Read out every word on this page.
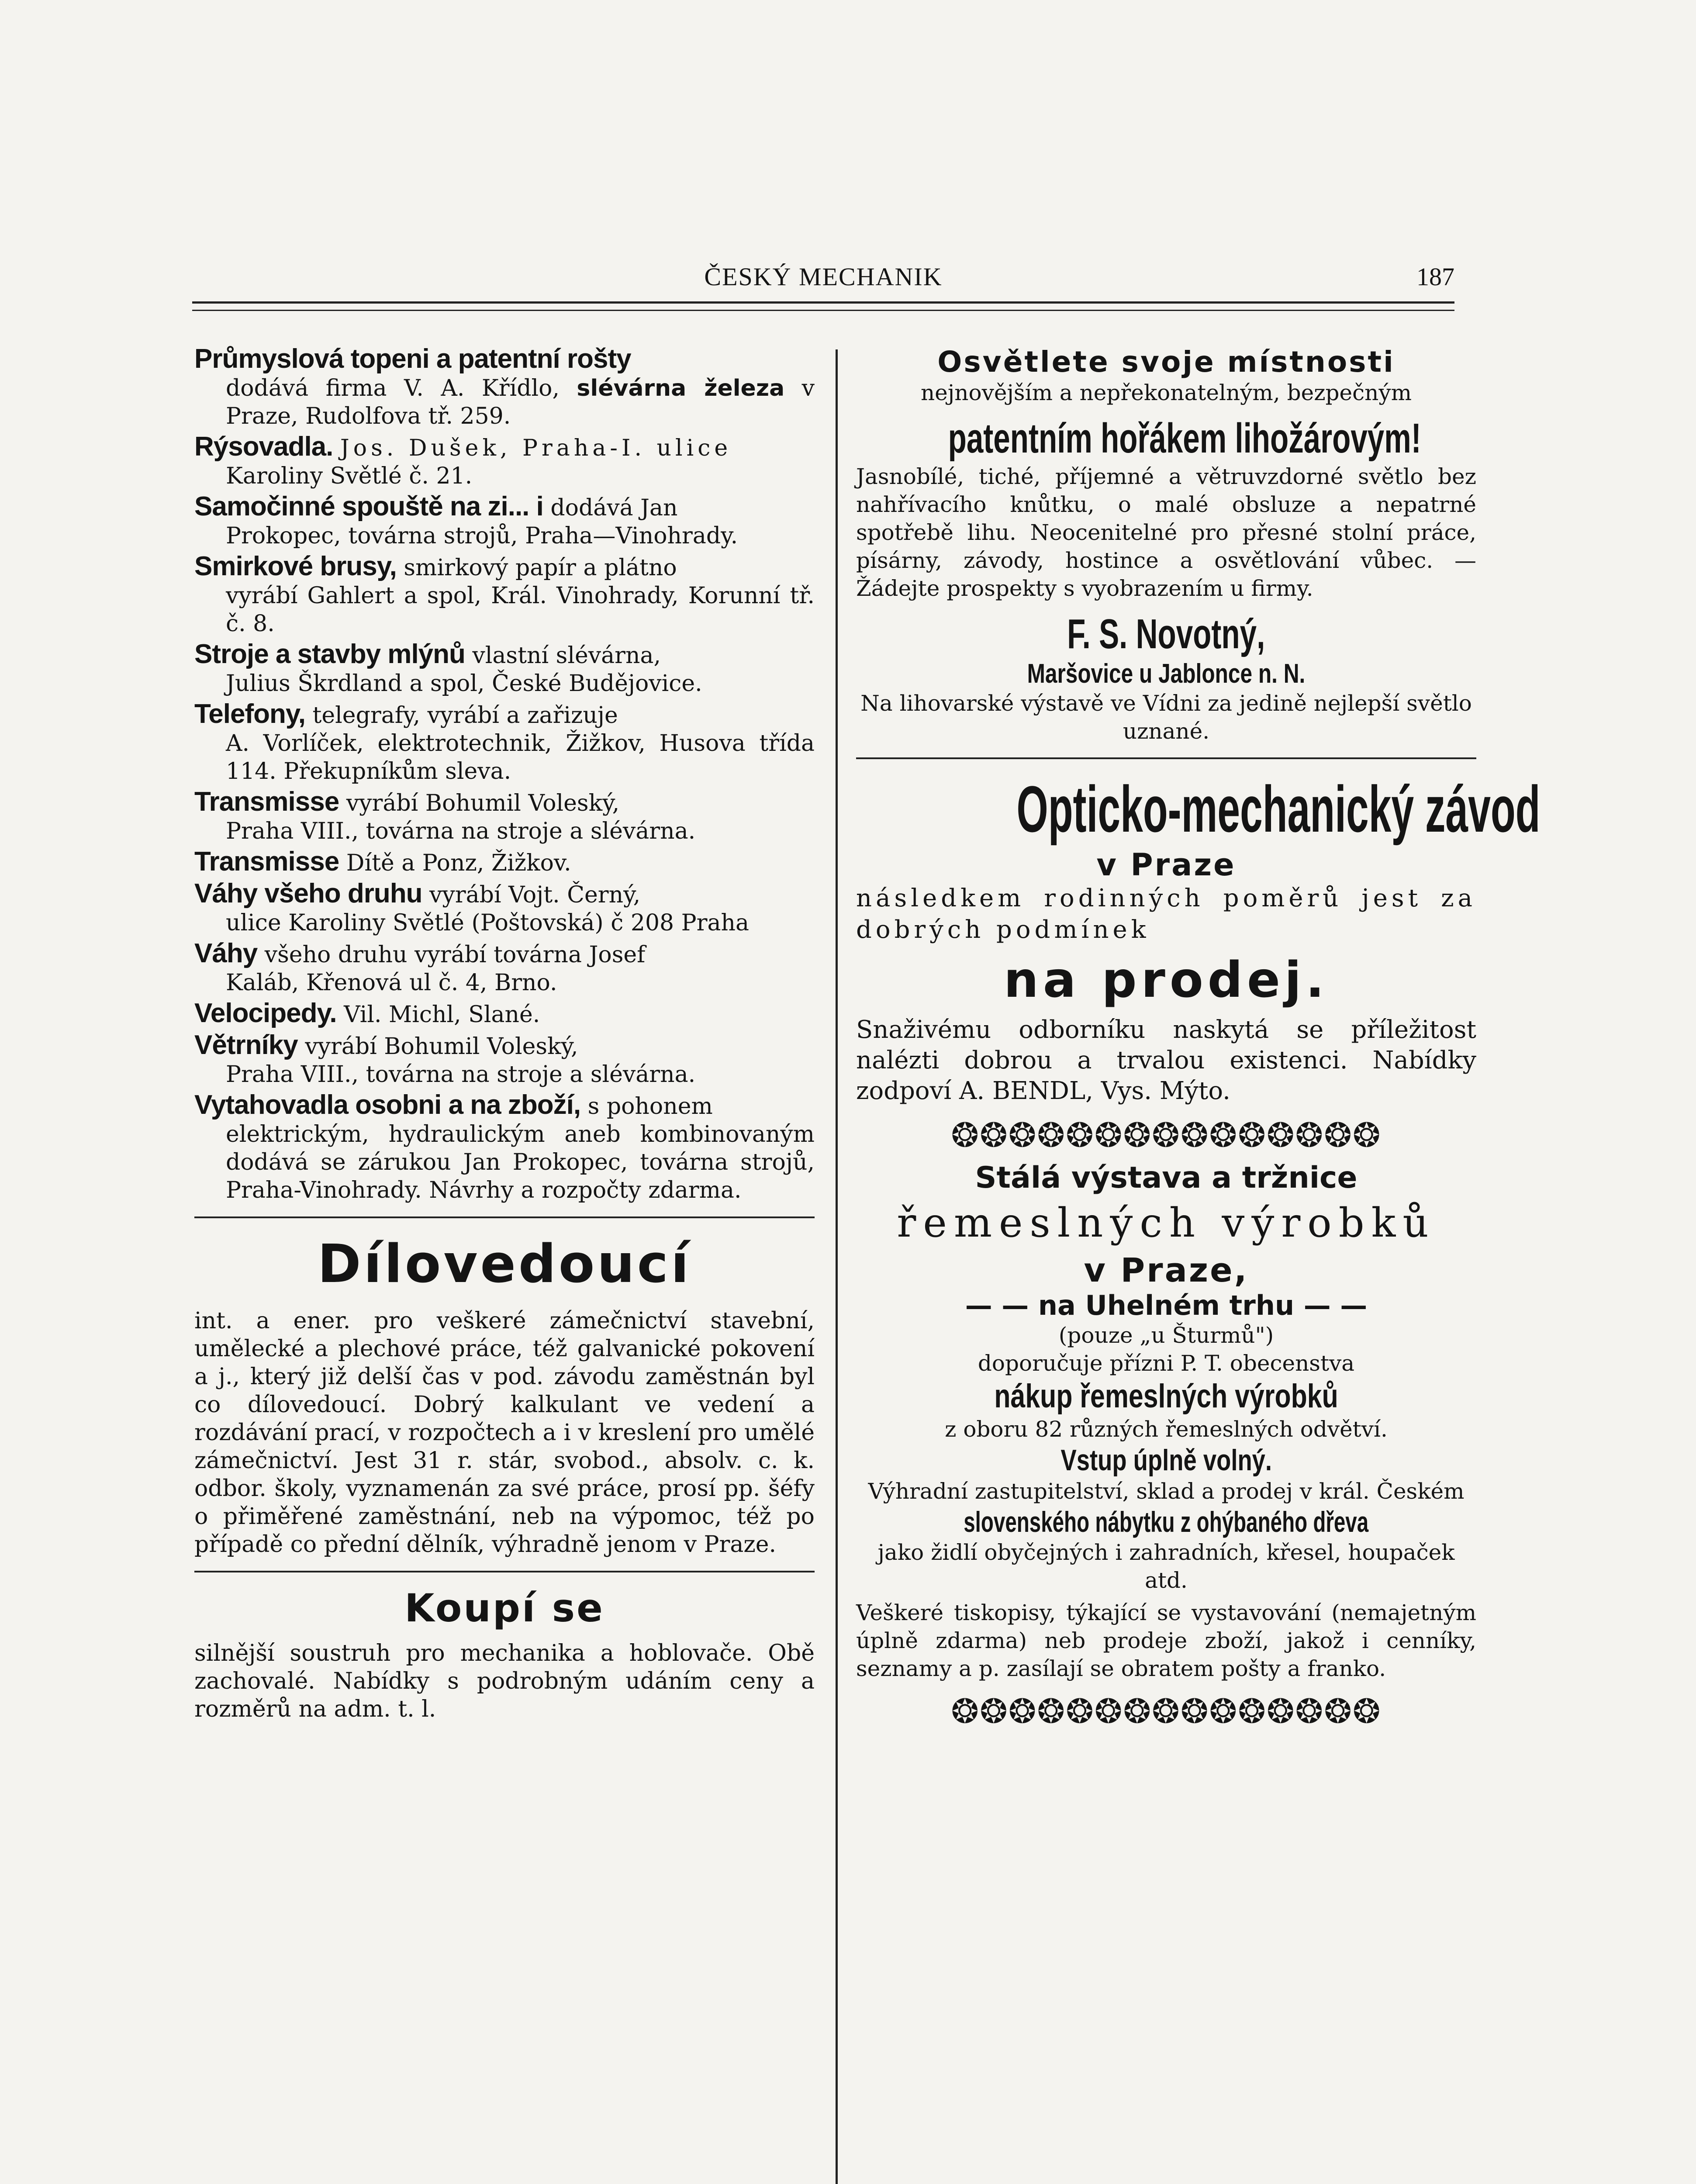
ČESKÝ MECHANIK	187
Průmyslová topeni a patentní rošty
dodává firma V. A. Křídlo, slévárna železa v Praze, Rudolfova tř. 259.
Rýsovadla. Jos. Dušek, Praha-I. ulice
Karoliny Světlé č. 21.
Samočinné spouště na zi... i dodává Jan
Prokopec, továrna strojů, Praha—Vinohrady.
Smirkové brusy, smirkový papír a plátno
vyrábí Gahlert a spol, Král. Vinohrady, Korunní tř. č. 8.
Stroje a stavby mlýnů vlastní slévárna,
Julius Škrdland a spol, České Budějovice.
Telefony, telegrafy, vyrábí a zařizuje
A. Vorlíček, elektrotechnik, Žižkov, Husova třída 114. Překupníkům sleva.
Transmisse vyrábí Bohumil Voleský,
Praha VIII., továrna na stroje a slévárna.
Transmisse Dítě a Ponz, Žižkov.
Váhy všeho druhu vyrábí Vojt. Černý,
ulice Karoliny Světlé (Poštovská) č 208 Praha
Váhy všeho druhu vyrábí továrna Josef
Kaláb, Křenová ul č. 4, Brno.
Velocipedy. Vil. Michl, Slané.
Větrníky vyrábí Bohumil Voleský,
Praha VIII., továrna na stroje a slévárna.
Vytahovadla osobni a na zboží, s pohonem
elektrickým, hydraulickým aneb kombinovaným dodává se zárukou Jan Prokopec, továrna strojů, Praha-Vinohrady. Návrhy a rozpočty zdarma.
Dílovedoucí
int. a ener. pro veškeré zámečnictví stavební, umělecké a plechové práce, též galvanické pokovení a j., který již delší čas v pod. závodu zaměstnán byl co dílovedoucí. Dobrý kalkulant ve vedení a rozdávání prací, v rozpočtech a i v kreslení pro umělé zámečnictví. Jest 31 r. stár, svobod., absolv. c. k. odbor. školy, vyznamenán za své práce, prosí pp. šéfy o přiměřené zaměstnání, neb na výpomoc, též po případě co přední dělník, výhradně jenom v Praze.
Koupí se
silnější soustruh pro mechanika a hoblovače. Obě zachovalé. Nabídky s podrobným udáním ceny a rozměrů na adm. t. l.
Osvětlete svoje místnosti
nejnovějším a nepřekonatelným, bezpečným
patentním hořákem lihožárovým!
Jasnobílé, tiché, příjemné a větruvzdorné světlo bez nahřívacího knůtku, o malé obsluze a nepatrné spotřebě lihu. Neocenitelné pro přesné stolní práce, písárny, závody, hostince a osvětlování vůbec. — Žádejte prospekty s vyobrazením u firmy.
F. S. Novotný, Maršovice u Jablonce n. N.
Na lihovarské výstavě ve Vídni za jedině nejlepší světlo uznané.
Opticko-mechanický závod
v Praze
následkem rodinných poměrů jest za dobrých podmínek
na prodej.
Snaživému odborníku naskytá se příležitost nalézti dobrou a trvalou existenci. Nabídky zodpoví A. BENDL, Vys. Mýto.
❂❂❂❂❂❂❂❂❂❂❂❂❂❂❂
Stálá výstava a tržnice
řemeslných výrobků
v Praze,
— — na Uhelném trhu — —
(pouze „u Šturmů")
doporučuje přízni P. T. obecenstva
nákup řemeslných výrobků
z oboru 82 různých řemeslných odvětví.
Vstup úplně volný.
Výhradní zastupitelství, sklad a prodej v král. Českém
slovenského nábytku z ohýbaného dřeva
jako židlí obyčejných i zahradních, křesel, houpaček atd.
Veškeré tiskopisy, týkající se vystavování (nemajetným úplně zdarma) neb prodeje zboží, jakož i cenníky, seznamy a p. zasílají se obratem pošty a franko.
❂❂❂❂❂❂❂❂❂❂❂❂❂❂❂
